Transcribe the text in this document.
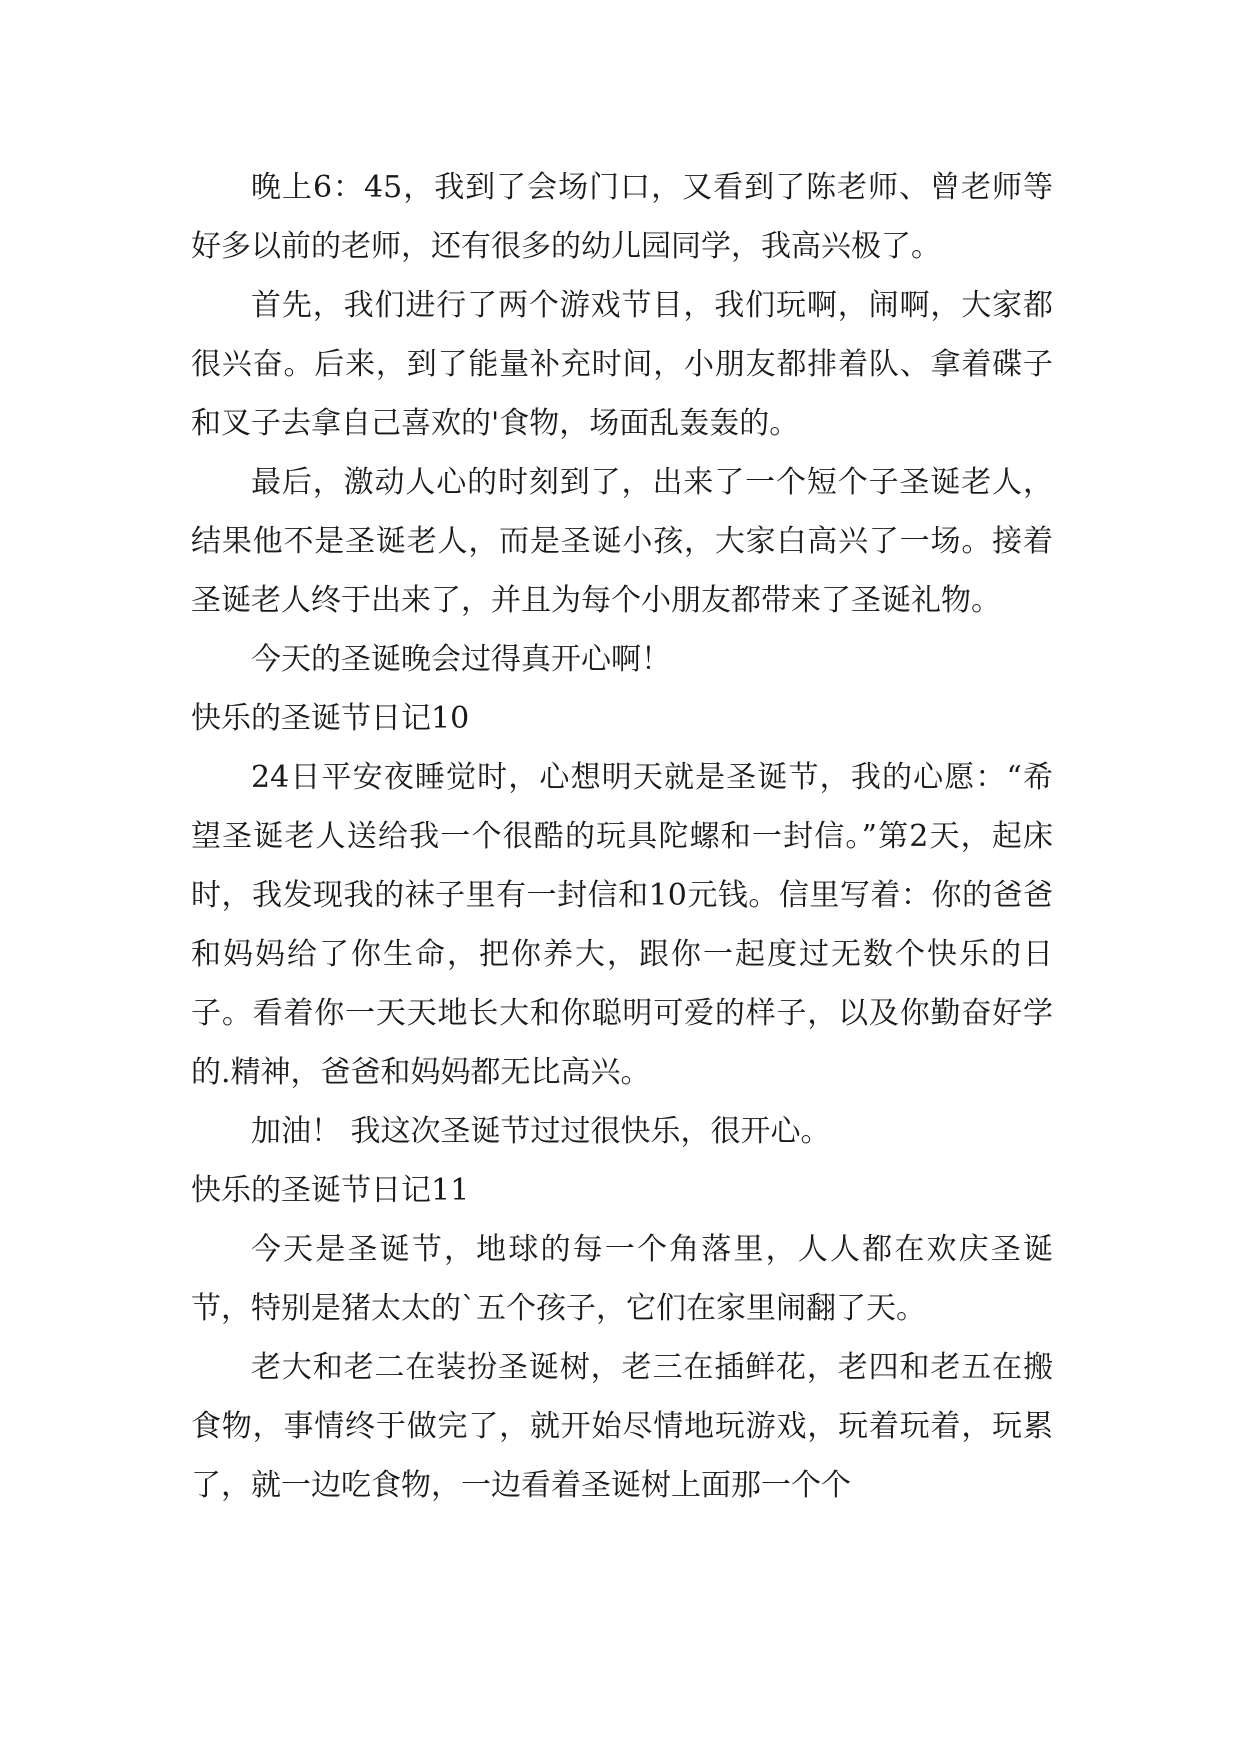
晚上6：45，我到了会场门口，又看到了陈老师、曾老师等好多以前的老师，还有很多的幼儿园同学，我高兴极了。

首先，我们进行了两个游戏节目，我们玩啊，闹啊，大家都很兴奋。后来，到了能量补充时间，小朋友都排着队、拿着碟子和叉子去拿自己喜欢的'食物，场面乱轰轰的。

最后，激动人心的时刻到了，出来了一个短个子圣诞老人，结果他不是圣诞老人，而是圣诞小孩，大家白高兴了一场。接着圣诞老人终于出来了，并且为每个小朋友都带来了圣诞礼物。

今天的圣诞晚会过得真开心啊！

快乐的圣诞节日记10

24日平安夜睡觉时，心想明天就是圣诞节，我的心愿：“希望圣诞老人送给我一个很酷的玩具陀螺和一封信。”第2天，起床时，我发现我的袜子里有一封信和10元钱。信里写着：你的爸爸和妈妈给了你生命，把你养大，跟你一起度过无数个快乐的日子。看着你一天天地长大和你聪明可爱的样子，以及你勤奋好学的.精神，爸爸和妈妈都无比高兴。

加油！ 我这次圣诞节过过很快乐，很开心。

快乐的圣诞节日记11

今天是圣诞节，地球的每一个角落里，人人都在欢庆圣诞节，特别是猪太太的`五个孩子，它们在家里闹翻了天。

老大和老二在装扮圣诞树，老三在插鲜花，老四和老五在搬食物，事情终于做完了，就开始尽情地玩游戏，玩着玩着，玩累了，就一边吃食物，一边看着圣诞树上面那一个个
